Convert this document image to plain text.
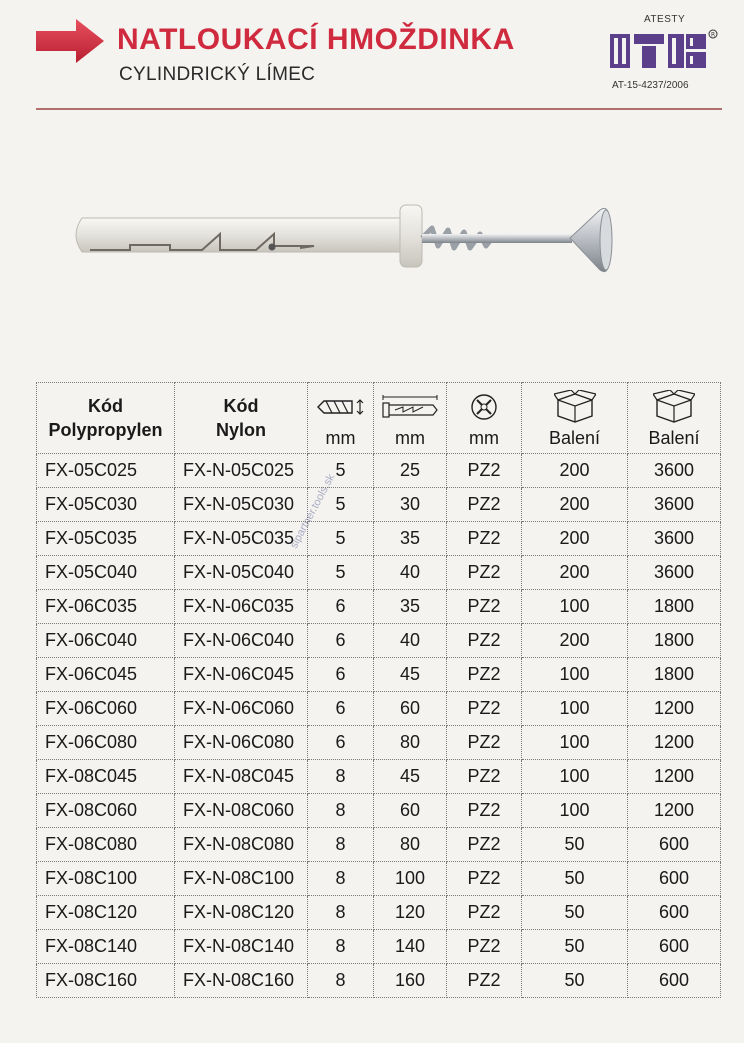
NATLOUKACÍ HMOŽDINKA
CYLINDRICKÝ LÍMEC
ATESTY
R
AT-15-4237/2006
slpartner.tools.sk
Kód
Polypropylen	Kód
Nylon	mm	mm	mm	Balení	Balení

FX-05C025	FX-N-05C025	5	25	PZ2	200	3600
FX-05C030	FX-N-05C030	5	30	PZ2	200	3600
FX-05C035	FX-N-05C035	5	35	PZ2	200	3600
FX-05C040	FX-N-05C040	5	40	PZ2	200	3600
FX-06C035	FX-N-06C035	6	35	PZ2	100	1800
FX-06C040	FX-N-06C040	6	40	PZ2	200	1800
FX-06C045	FX-N-06C045	6	45	PZ2	100	1800
FX-06C060	FX-N-06C060	6	60	PZ2	100	1200
FX-06C080	FX-N-06C080	6	80	PZ2	100	1200
FX-08C045	FX-N-08C045	8	45	PZ2	100	1200
FX-08C060	FX-N-08C060	8	60	PZ2	100	1200
FX-08C080	FX-N-08C080	8	80	PZ2	50	600
FX-08C100	FX-N-08C100	8	100	PZ2	50	600
FX-08C120	FX-N-08C120	8	120	PZ2	50	600
FX-08C140	FX-N-08C140	8	140	PZ2	50	600
FX-08C160	FX-N-08C160	8	160	PZ2	50	600
